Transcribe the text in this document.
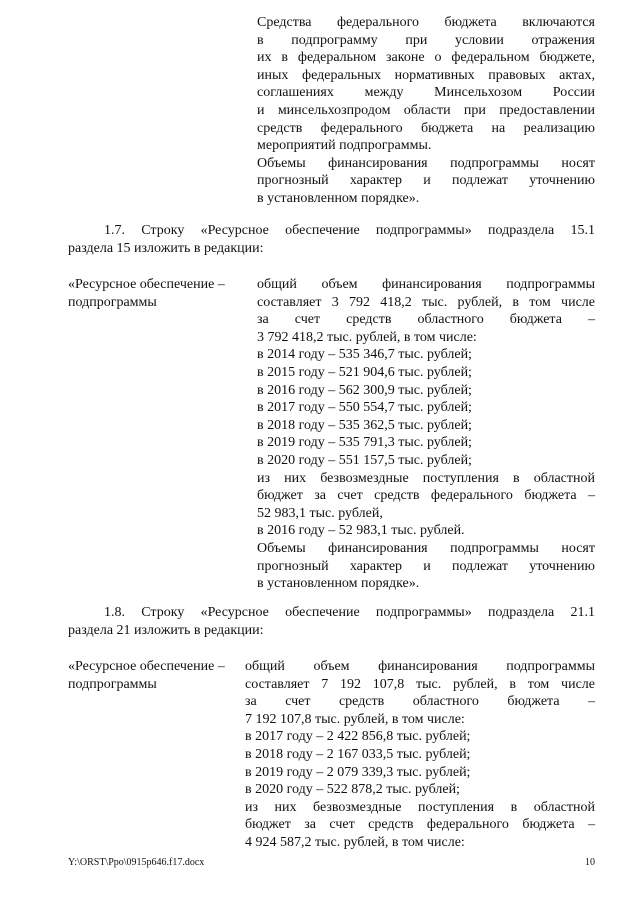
Средства федерального бюджета включаются
в подпрограмму при условии отражения
их в федеральном законе о федеральном бюджете,
иных федеральных нормативных правовых актах,
соглашениях между Минсельхозом России
и минсельхозпродом области при предоставлении
средств федерального бюджета на реализацию
мероприятий подпрограммы.
Объемы финансирования подпрограммы носят
прогнозный характер и подлежат уточнению
в установленном порядке».
1.7. Строку «Ресурсное обеспечение подпрограммы» подраздела 15.1
раздела 15 изложить в редакции:
«Ресурсное обеспечение –
подпрограммы
общий объем финансирования подпрограммы
составляет 3 792 418,2 тыс. рублей, в том числе
за счет средств областного бюджета –
3 792 418,2 тыс. рублей, в том числе:
в 2014 году – 535 346,7 тыс. рублей;
в 2015 году – 521 904,6 тыс. рублей;
в 2016 году – 562 300,9 тыс. рублей;
в 2017 году – 550 554,7 тыс. рублей;
в 2018 году – 535 362,5 тыс. рублей;
в 2019 году – 535 791,3 тыс. рублей;
в 2020 году – 551 157,5 тыс. рублей;
из них безвозмездные поступления в областной
бюджет за счет средств федерального бюджета –
52 983,1 тыс. рублей,
в 2016 году – 52 983,1 тыс. рублей.
Объемы финансирования подпрограммы носят
прогнозный характер и подлежат уточнению
в установленном порядке».
1.8. Строку «Ресурсное обеспечение подпрограммы» подраздела 21.1
раздела 21 изложить в редакции:
«Ресурсное обеспечение –
подпрограммы
общий объем финансирования подпрограммы
составляет 7 192 107,8 тыс. рублей, в том числе
за счет средств областного бюджета –
7 192 107,8 тыс. рублей, в том числе:
в 2017 году – 2 422 856,8 тыс. рублей;
в 2018 году – 2 167 033,5 тыс. рублей;
в 2019 году – 2 079 339,3 тыс. рублей;
в 2020 году – 522 878,2 тыс. рублей;
из них безвозмездные поступления в областной
бюджет за счет средств федерального бюджета –
4 924 587,2 тыс. рублей, в том числе:
Y:\ORST\Ppo\0915p646.f17.docx	10
